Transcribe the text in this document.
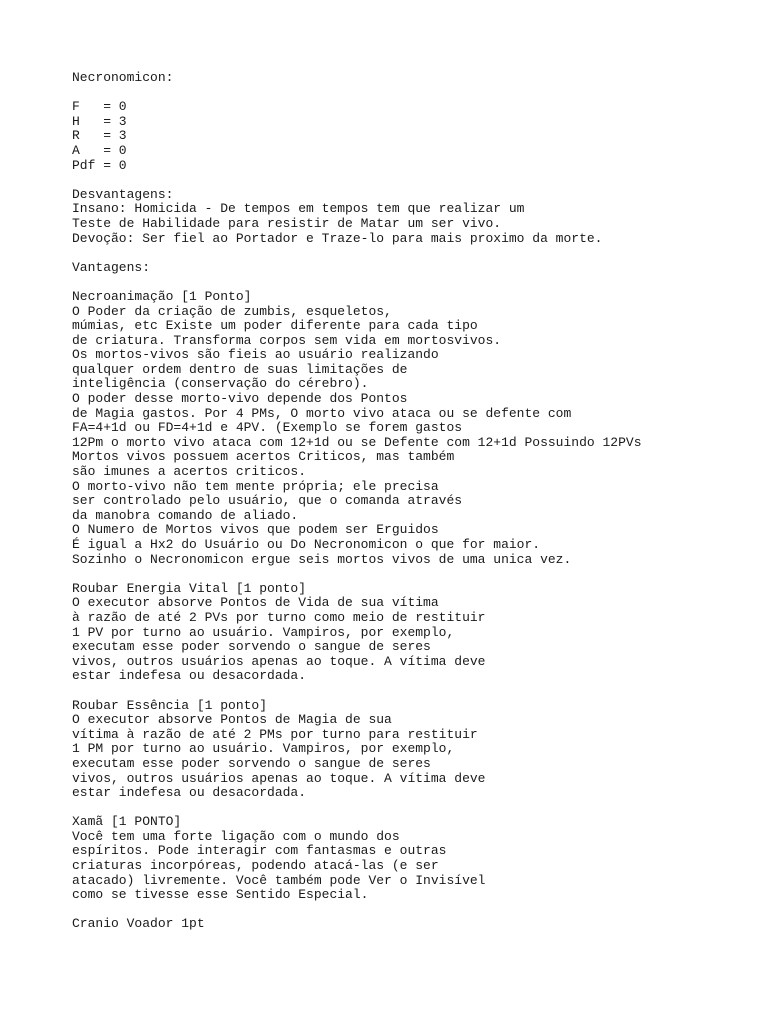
Necronomicon:
F   = 0
H   = 3
R   = 3
A   = 0
Pdf = 0
Desvantagens:
Insano: Homicida - De tempos em tempos tem que realizar um
Teste de Habilidade para resistir de Matar um ser vivo.
Devoção: Ser fiel ao Portador e Traze-lo para mais proximo da morte.
Vantagens:
Necroanimação [1 Ponto]
O Poder da criação de zumbis, esqueletos,
múmias, etc Existe um poder diferente para cada tipo
de criatura. Transforma corpos sem vida em mortosvivos.
Os mortos-vivos são fieis ao usuário realizando
qualquer ordem dentro de suas limitações de
inteligência (conservação do cérebro).
O poder desse morto-vivo depende dos Pontos
de Magia gastos. Por 4 PMs, O morto vivo ataca ou se defente com
FA=4+1d ou FD=4+1d e 4PV. (Exemplo se forem gastos
12Pm o morto vivo ataca com 12+1d ou se Defente com 12+1d Possuindo 12PVs
Mortos vivos possuem acertos Criticos, mas também
são imunes a acertos criticos.
O morto-vivo não tem mente própria; ele precisa
ser controlado pelo usuário, que o comanda através
da manobra comando de aliado.
O Numero de Mortos vivos que podem ser Erguidos
É igual a Hx2 do Usuário ou Do Necronomicon o que for maior.
Sozinho o Necronomicon ergue seis mortos vivos de uma unica vez.
Roubar Energia Vital [1 ponto]
O executor absorve Pontos de Vida de sua vítima
à razão de até 2 PVs por turno como meio de restituir
1 PV por turno ao usuário. Vampiros, por exemplo,
executam esse poder sorvendo o sangue de seres
vivos, outros usuários apenas ao toque. A vítima deve
estar indefesa ou desacordada.
Roubar Essência [1 ponto]
O executor absorve Pontos de Magia de sua
vítima à razão de até 2 PMs por turno para restituir
1 PM por turno ao usuário. Vampiros, por exemplo,
executam esse poder sorvendo o sangue de seres
vivos, outros usuários apenas ao toque. A vítima deve
estar indefesa ou desacordada.
Xamã [1 PONTO]
Você tem uma forte ligação com o mundo dos
espíritos. Pode interagir com fantasmas e outras
criaturas incorpóreas, podendo atacá-las (e ser
atacado) livremente. Você também pode Ver o Invisível
como se tivesse esse Sentido Especial.
Cranio Voador 1pt
